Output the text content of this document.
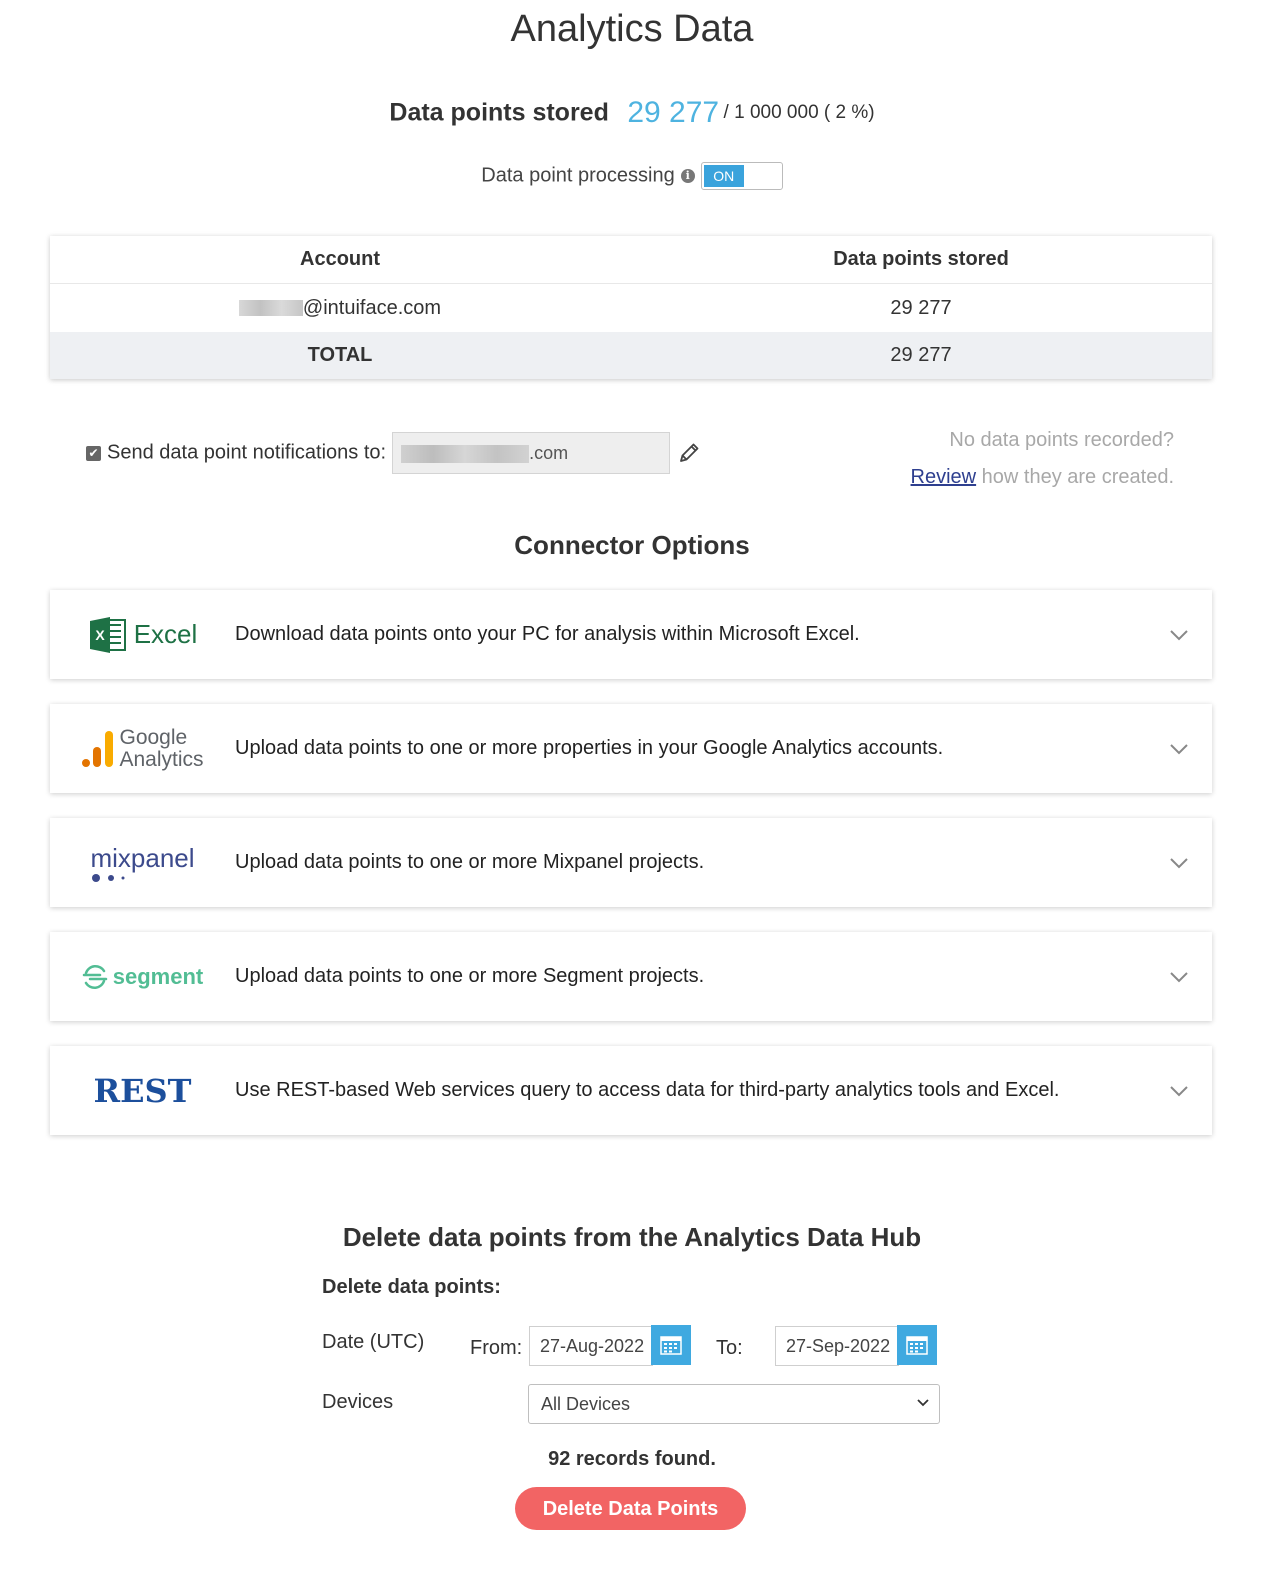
Analytics Data
Data points stored 29 277 / 1 000 000 ( 2 %)
Data point processing i	ON
Account	Data points stored
@intuiface.com	29 277
TOTAL	29 277
✔ Send data point notifications to:	.com
No data points recorded?
Review how they are created.
Connector Options
X Excel Download data points onto your PC for analysis within Microsoft Excel.
Google
Analytics Upload data points to one or more properties in your Google Analytics accounts.
mixpanel Upload data points to one or more Mixpanel projects.
segment Upload data points to one or more Segment projects.
REST Use REST-based Web services query to access data for third-party analytics tools and Excel.
Delete data points from the Analytics Data Hub
Delete data points:
Date (UTC) From: 27-Aug-2022	To:	27-Sep-2022
Devices	All Devices
92 records found.
Delete Data Points
